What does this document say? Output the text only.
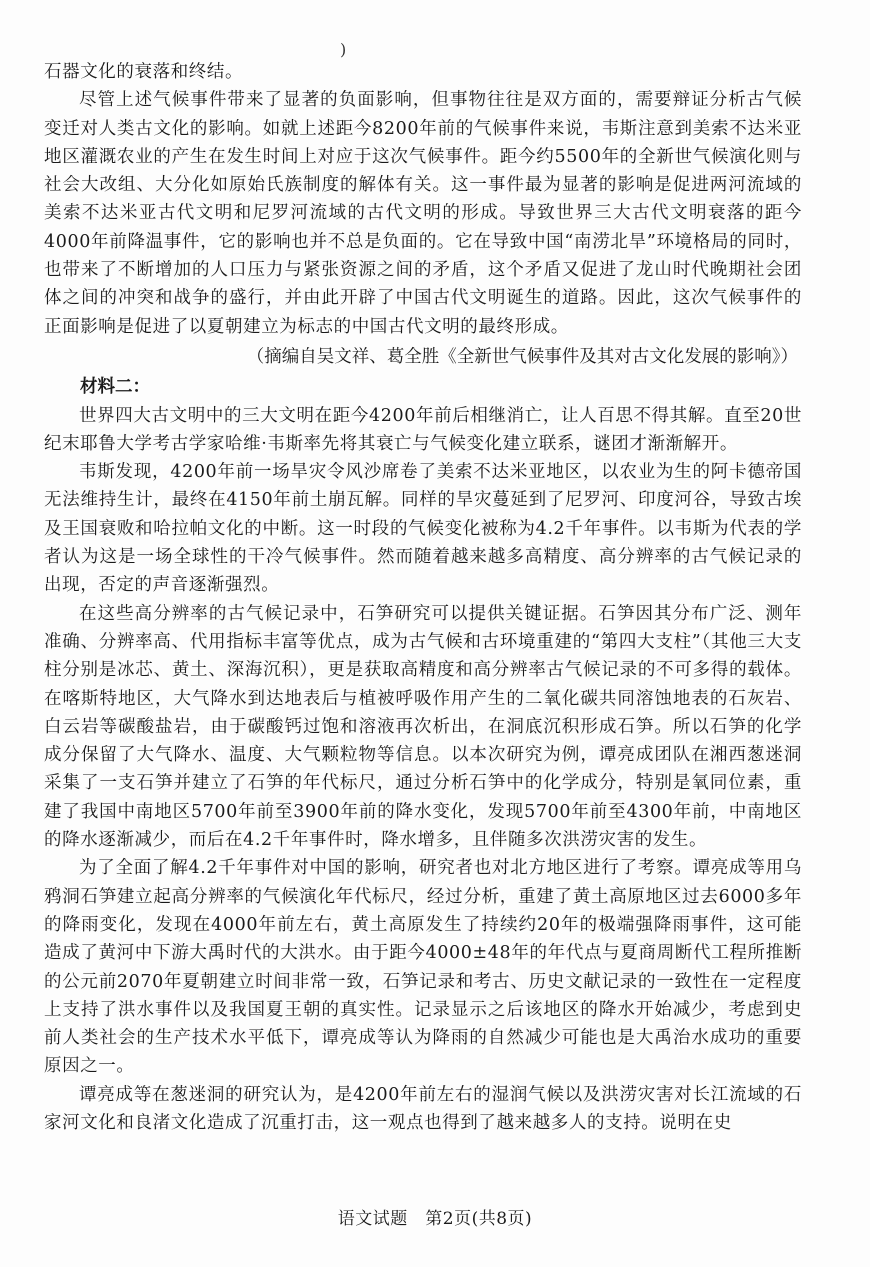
)

石器文化的衰落和终结。

尽管上述气候事件带来了显著的负面影响，但事物往往是双方面的，需要辩证分析古气候变迁对人类古文化的影响。如就上述距今8200年前的气候事件来说，韦斯注意到美索不达米亚地区灌溉农业的产生在发生时间上对应于这次气候事件。距今约5500年的全新世气候演化则与社会大改组、大分化如原始氏族制度的解体有关。这一事件最为显著的影响是促进两河流域的美索不达米亚古代文明和尼罗河流域的古代文明的形成。导致世界三大古代文明衰落的距今4000年前降温事件，它的影响也并不总是负面的。它在导致中国“南涝北旱”环境格局的同时，也带来了不断增加的人口压力与紧张资源之间的矛盾，这个矛盾又促进了龙山时代晚期社会团体之间的冲突和战争的盛行，并由此开辟了中国古代文明诞生的道路。因此，这次气候事件的正面影响是促进了以夏朝建立为标志的中国古代文明的最终形成。

（摘编自吴文祥、葛全胜《全新世气候事件及其对古文化发展的影响》）

材料二：

世界四大古文明中的三大文明在距今4200年前后相继消亡，让人百思不得其解。直至20世纪末耶鲁大学考古学家哈维·韦斯率先将其衰亡与气候变化建立联系，谜团才渐渐解开。

韦斯发现，4200年前一场旱灾令风沙席卷了美索不达米亚地区，以农业为生的阿卡德帝国无法维持生计，最终在4150年前土崩瓦解。同样的旱灾蔓延到了尼罗河、印度河谷，导致古埃及王国衰败和哈拉帕文化的中断。这一时段的气候变化被称为4.2千年事件。以韦斯为代表的学者认为这是一场全球性的干冷气候事件。然而随着越来越多高精度、高分辨率的古气候记录的出现，否定的声音逐渐强烈。

在这些高分辨率的古气候记录中，石笋研究可以提供关键证据。石笋因其分布广泛、测年准确、分辨率高、代用指标丰富等优点，成为古气候和古环境重建的“第四大支柱”（其他三大支柱分别是冰芯、黄土、深海沉积），更是获取高精度和高分辨率古气候记录的不可多得的载体。在喀斯特地区，大气降水到达地表后与植被呼吸作用产生的二氧化碳共同溶蚀地表的石灰岩、白云岩等碳酸盐岩，由于碳酸钙过饱和溶液再次析出，在洞底沉积形成石笋。所以石笋的化学成分保留了大气降水、温度、大气颗粒物等信息。以本次研究为例，谭亮成团队在湘西葱迷洞采集了一支石笋并建立了石笋的年代标尺，通过分析石笋中的化学成分，特别是氧同位素，重建了我国中南地区5700年前至3900年前的降水变化，发现5700年前至4300年前，中南地区的降水逐渐减少，而后在4.2千年事件时，降水增多，且伴随多次洪涝灾害的发生。

为了全面了解4.2千年事件对中国的影响，研究者也对北方地区进行了考察。谭亮成等用乌鸦洞石笋建立起高分辨率的气候演化年代标尺，经过分析，重建了黄土高原地区过去6000多年的降雨变化，发现在4000年前左右，黄土高原发生了持续约20年的极端强降雨事件，这可能造成了黄河中下游大禹时代的大洪水。由于距今4000±48年的年代点与夏商周断代工程所推断的公元前2070年夏朝建立时间非常一致，石笋记录和考古、历史文献记录的一致性在一定程度上支持了洪水事件以及我国夏王朝的真实性。记录显示之后该地区的降水开始减少，考虑到史前人类社会的生产技术水平低下，谭亮成等认为降雨的自然减少可能也是大禹治水成功的重要原因之一。

谭亮成等在葱迷洞的研究认为，是4200年前左右的湿润气候以及洪涝灾害对长江流域的石家河文化和良渚文化造成了沉重打击，这一观点也得到了越来越多人的支持。说明在史

语文试题　第2页(共8页)
